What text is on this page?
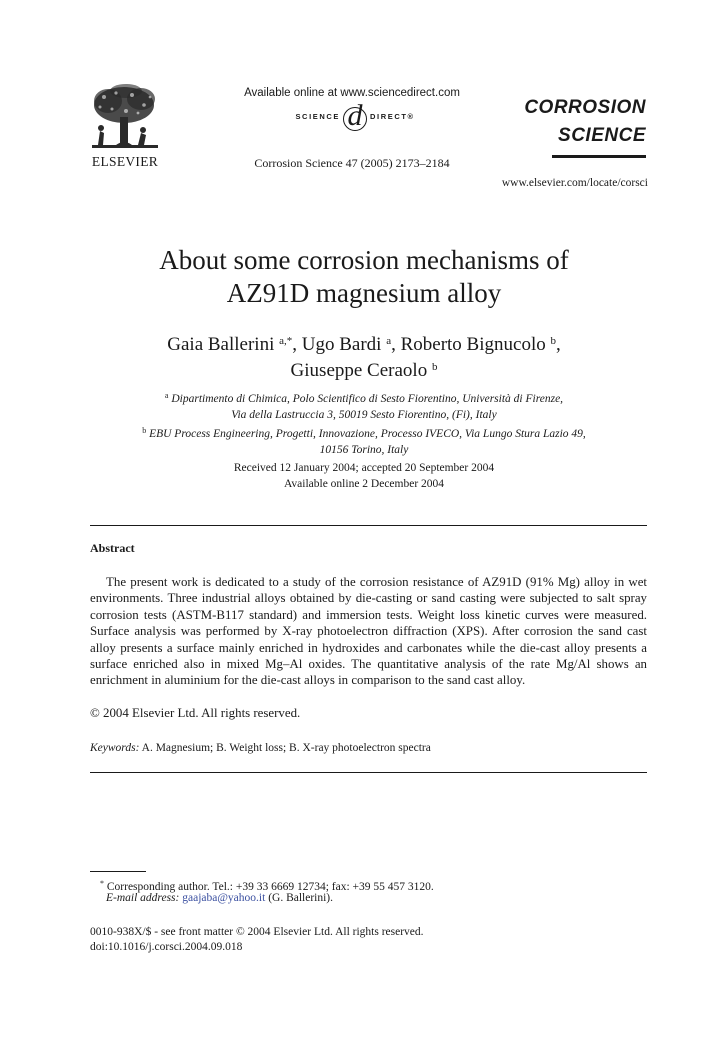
ELSEVIER
Available online at www.sciencedirect.com
SCIENCE d	DIRECT®
Corrosion Science 47 (2005) 2173–2184
CORROSION
SCIENCE
www.elsevier.com/locate/corsci
About some corrosion mechanisms of
AZ91D magnesium alloy
Gaia Ballerini $^{a,*}$, Ugo Bardi $^a$, Roberto Bignucolo $^b$,
Giuseppe Ceraolo $^b$
$^a$ Dipartimento di Chimica, Polo Scientifico di Sesto Fiorentino, Università di Firenze,
Via della Lastruccia 3, 50019 Sesto Fiorentino, (Fi), Italy
$^b$ EBU Process Engineering, Progetti, Innovazione, Processo IVECO, Via Lungo Stura Lazio 49,
10156 Torino, Italy
Received 12 January 2004; accepted 20 September 2004
Available online 2 December 2004
Abstract

The present work is dedicated to a study of the corrosion resistance of AZ91D (91% Mg) alloy in wet environments. Three industrial alloys obtained by die-casting or sand casting were subjected to salt spray corrosion tests (ASTM-B117 standard) and immersion tests. Weight loss kinetic curves were measured. Surface analysis was performed by X-ray photoelectron diffraction (XPS). After corrosion the sand cast alloy presents a surface mainly enriched in hydroxides and carbonates while the die-cast alloy presents a surface enriched also in mixed Mg–Al oxides. The quantitative analysis of the rate Mg/Al shows an enrichment in aluminium for the die-cast alloys in comparison to the sand cast alloy.

© 2004 Elsevier Ltd. All rights reserved.
Keywords: A. Magnesium; B. Weight loss; B. X-ray photoelectron spectra
* Corresponding author. Tel.: +39 33 6669 12734; fax: +39 55 457 3120.
E-mail address: gaajaba@yahoo.it (G. Ballerini).
0010-938X/$ - see front matter © 2004 Elsevier Ltd. All rights reserved.
doi:10.1016/j.corsci.2004.09.018
